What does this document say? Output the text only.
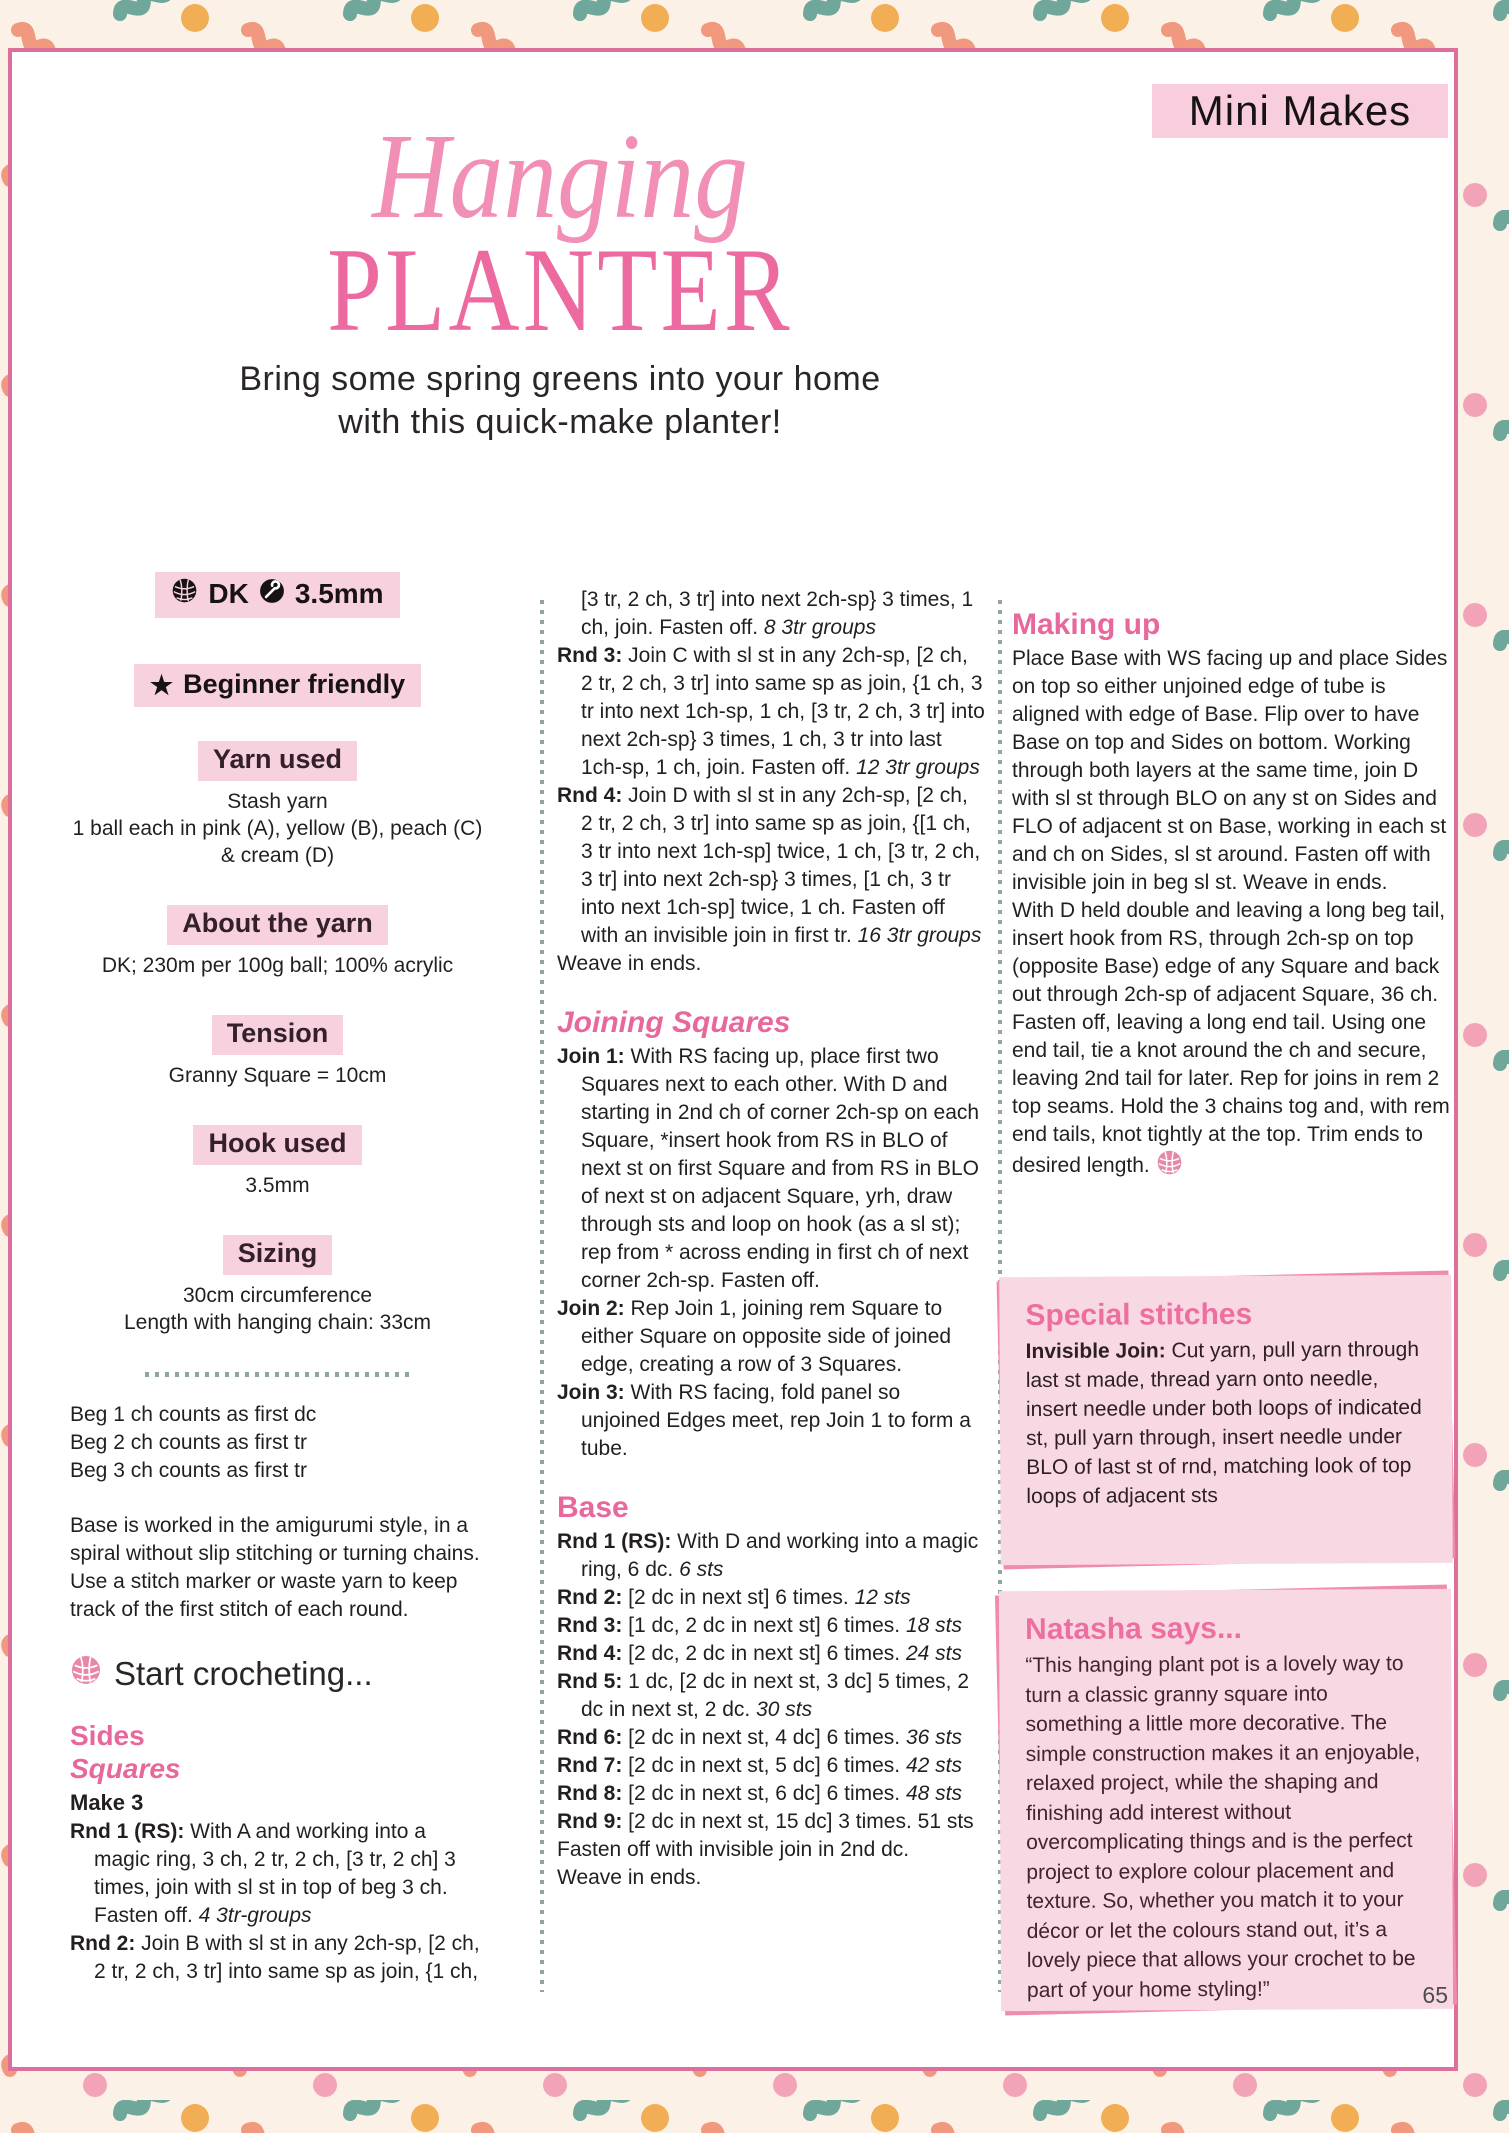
Mini Makes
Hanging
PLANTER
Bring some spring greens into your home
with this quick-make planter!
DK 3.5mm
★ Beginner friendly
Yarn used
Stash yarn
1 ball each in pink (A), yellow (B), peach (C)
& cream (D)
About the yarn
DK; 230m per 100g ball; 100% acrylic
Tension
Granny Square = 10cm
Hook used
3.5mm
Sizing
30cm circumference
Length with hanging chain: 33cm
Beg 1 ch counts as first dc
Beg 2 ch counts as first tr
Beg 3 ch counts as first tr

Base is worked in the amigurumi style, in a spiral without slip stitching or turning chains. Use a stitch marker or waste yarn to keep track of the first stitch of each round.

Start crocheting...
Sides
Squares

Make 3

Rnd 1 (RS): With A and working into a magic ring, 3 ch, 2 tr, 2 ch, [3 tr, 2 ch] 3 times, join with sl st in top of beg 3 ch. Fasten off. 4 3tr-groups

Rnd 2: Join B with sl st in any 2ch-sp, [2 ch, 2 tr, 2 ch, 3 tr] into same sp as join, {1 ch,

[3 tr, 2 ch, 3 tr] into next 2ch-sp} 3 times, 1 ch, join. Fasten off. 8 3tr groups

Rnd 3: Join C with sl st in any 2ch-sp, [2 ch, 2 tr, 2 ch, 3 tr] into same sp as join, {1 ch, 3 tr into next 1ch-sp, 1 ch, [3 tr, 2 ch, 3 tr] into next 2ch-sp} 3 times, 1 ch, 3 tr into last 1ch-sp, 1 ch, join. Fasten off. 12 3tr groups

Rnd 4: Join D with sl st in any 2ch-sp, [2 ch, 2 tr, 2 ch, 3 tr] into same sp as join, {[1 ch, 3 tr into next 1ch-sp] twice, 1 ch, [3 tr, 2 ch, 3 tr] into next 2ch-sp} 3 times, [1 ch, 3 tr into next 1ch-sp] twice, 1 ch. Fasten off with an invisible join in first tr. 16 3tr groups

Weave in ends.

Joining Squares

Join 1: With RS facing up, place first two Squares next to each other. With D and starting in 2nd ch of corner 2ch-sp on each Square, *insert hook from RS in BLO of next st on first Square and from RS in BLO of next st on adjacent Square, yrh, draw through sts and loop on hook (as a sl st); rep from * across ending in first ch of next corner 2ch-sp. Fasten off.

Join 2: Rep Join 1, joining rem Square to either Square on opposite side of joined edge, creating a row of 3 Squares.

Join 3: With RS facing, fold panel so unjoined Edges meet, rep Join 1 to form a tube.

Base

Rnd 1 (RS): With D and working into a magic ring, 6 dc. 6 sts

Rnd 2: [2 dc in next st] 6 times. 12 sts

Rnd 3: [1 dc, 2 dc in next st] 6 times. 18 sts

Rnd 4: [2 dc, 2 dc in next st] 6 times. 24 sts

Rnd 5: 1 dc, [2 dc in next st, 3 dc] 5 times, 2 dc in next st, 2 dc. 30 sts

Rnd 6: [2 dc in next st, 4 dc] 6 times. 36 sts

Rnd 7: [2 dc in next st, 5 dc] 6 times. 42 sts

Rnd 8: [2 dc in next st, 6 dc] 6 times. 48 sts

Rnd 9: [2 dc in next st, 15 dc] 3 times. 51 sts

Fasten off with invisible join in 2nd dc.

Weave in ends.

Making up

Place Base with WS facing up and place Sides on top so either unjoined edge of tube is aligned with edge of Base. Flip over to have Base on top and Sides on bottom. Working through both layers at the same time, join D with sl st through BLO on any st on Sides and FLO of adjacent st on Base, working in each st and ch on Sides, sl st around. Fasten off with invisible join in beg sl st. Weave in ends.

With D held double and leaving a long beg tail, insert hook from RS, through 2ch-sp on top (opposite Base) edge of any Square and back out through 2ch-sp of adjacent Square, 36 ch. Fasten off, leaving a long end tail. Using one end tail, tie a knot around the ch and secure, leaving 2nd tail for later. Rep for joins in rem 2 top seams. Hold the 3 chains tog and, with rem end tails, knot tightly at the top. Trim ends to desired length.

Special stitches
Invisible Join: Cut yarn, pull yarn through last st made, thread yarn onto needle, insert needle under both loops of indicated st, pull yarn through, insert needle under BLO of last st of rnd, matching look of top loops of adjacent sts
Natasha says...
“This hanging plant pot is a lovely way to turn a classic granny square into something a little more decorative. The simple construction makes it an enjoyable, relaxed project, while the shaping and finishing add interest without overcomplicating things and is the perfect project to explore colour placement and texture. So, whether you match it to your décor or let the colours stand out, it’s a lovely piece that allows your crochet to be part of your home styling!”	65
